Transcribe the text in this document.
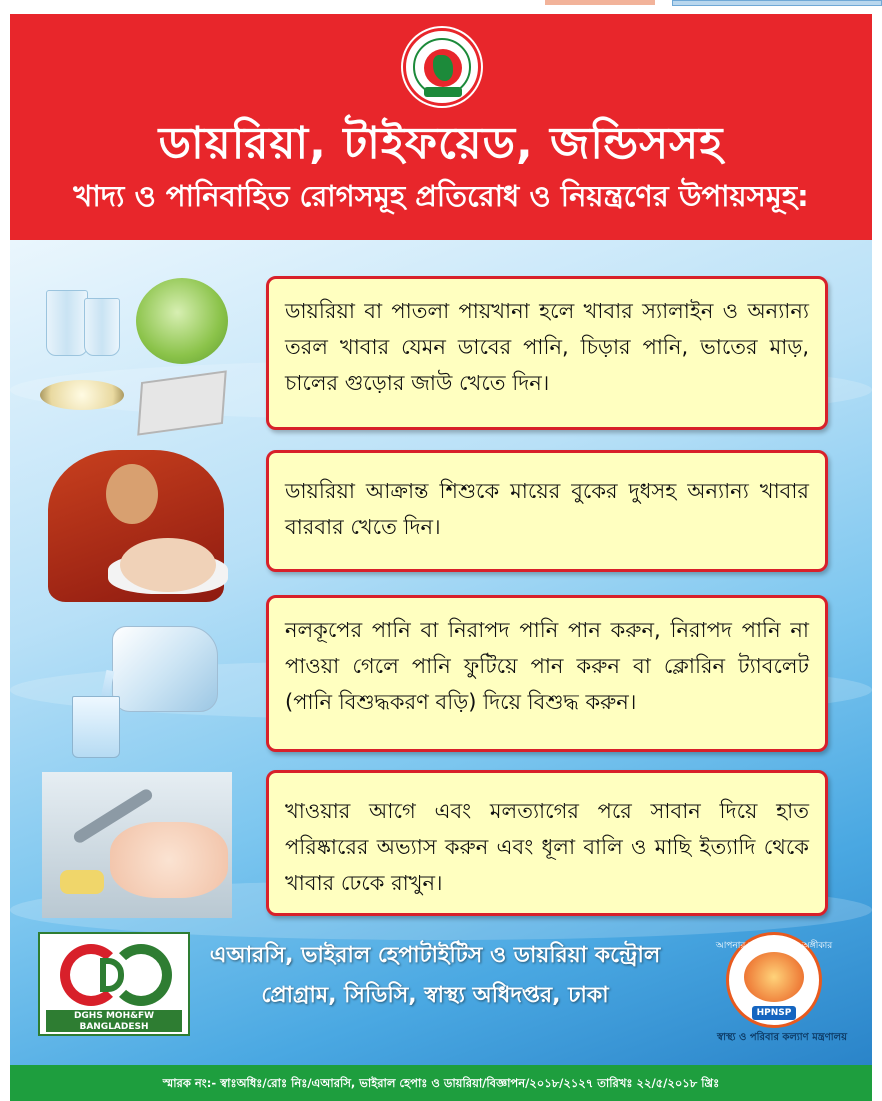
ডায়রিয়া, টাইফয়েড, জন্ডিসসহ
খাদ্য ও পানিবাহিত রোগসমূহ প্রতিরোধ ও নিয়ন্ত্রণের উপায়সমূহ:

ডায়রিয়া বা পাতলা পায়খানা হলে খাবার স্যালাইন ও অন্যান্য তরল খাবার যেমন ডাবের পানি, চিড়ার পানি, ভাতের মাড়, চালের গুড়োর জাউ খেতে দিন।

ডায়রিয়া আক্রান্ত শিশুকে মায়ের বুকের দুধসহ অন্যান্য খাবার বারবার খেতে দিন।

নলকূপের পানি বা নিরাপদ পানি পান করুন, নিরাপদ পানি না পাওয়া গেলে পানি ফুটিয়ে পান করুন বা ক্লোরিন ট্যাবলেট (পানি বিশুদ্ধকরণ বড়ি) দিয়ে বিশুদ্ধ করুন।

খাওয়ার আগে এবং মলত্যাগের পরে সাবান দিয়ে হাত পরিষ্কারের অভ্যাস করুন এবং ধূলা বালি ও মাছি ইত্যাদি থেকে খাবার ঢেকে রাখুন।

DGHS MOH&FW
BANGLADESH
এআরসি, ভাইরাল হেপাটাইটিস ও ডায়রিয়া কন্ট্রোল
প্রোগ্রাম, সিডিসি, স্বাস্থ্য অধিদপ্তর, ঢাকা
আপনার স্বাস্থ্য আমাদের অঙ্গীকার
HPNSP
স্বাস্থ্য ও পরিবার কল্যাণ মন্ত্রণালয়
স্মারক নং:- স্বাঃঅধিঃ/রোঃ নিঃ/এআরসি, ভাইরাল হেপাঃ ও ডায়রিয়া/বিজ্ঞাপন/২০১৮/২১২৭ তারিখঃ ২২/৫/২০১৮ খ্রিঃ
